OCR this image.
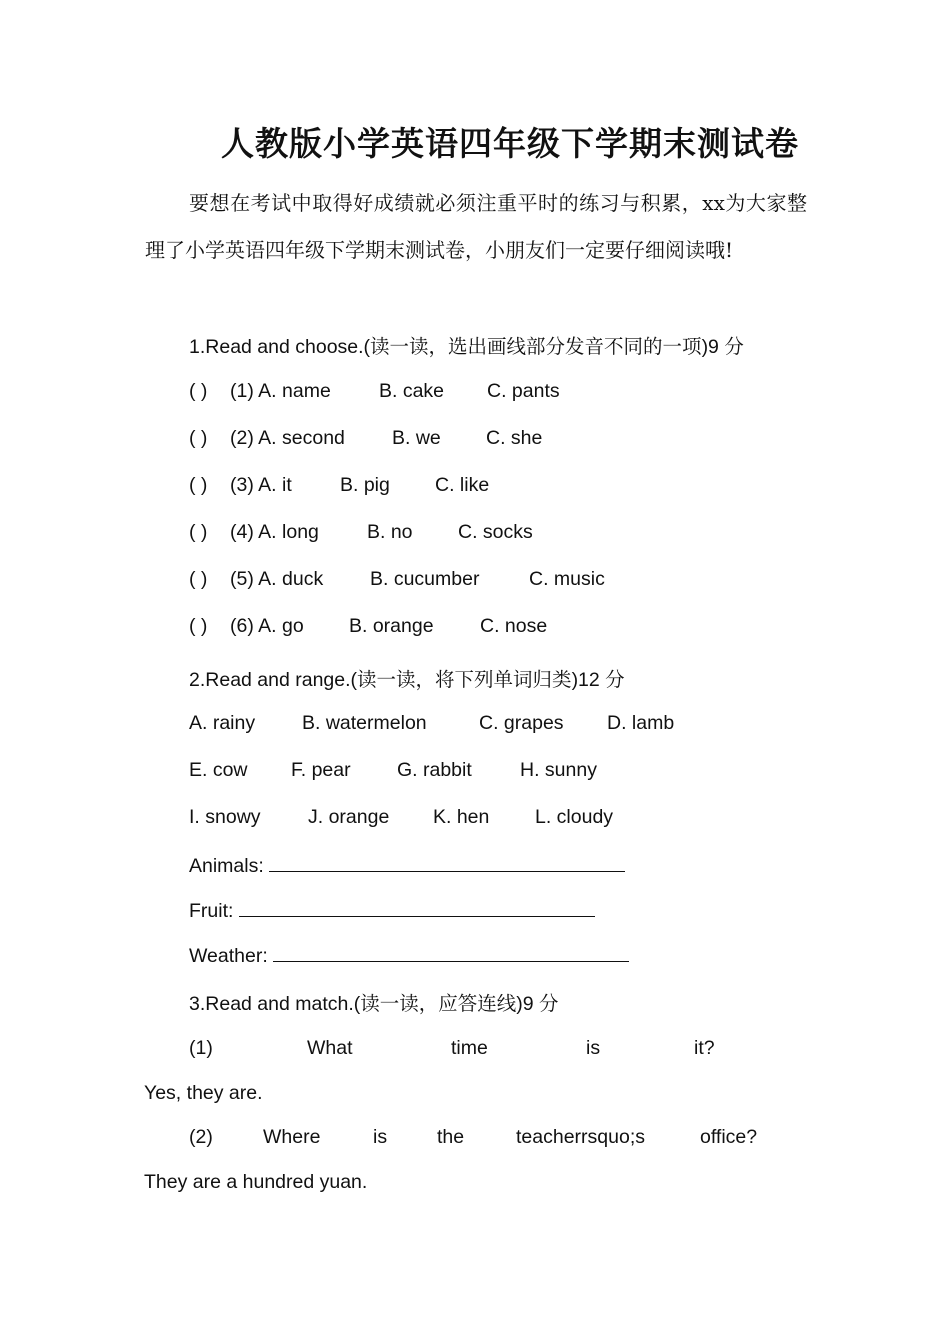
人教版小学英语四年级下学期末测试卷
要想在考试中取得好成绩就必须注重平时的练习与积累，xx为大家整理了小学英语四年级下学期末测试卷，小朋友们一定要仔细阅读哦!
1.Read and choose.(读一读，选出画线部分发音不同的一项)9 分
( ) (1) A. name B. cake C. pants
( ) (2) A. second B. we C. she
( ) (3) A. it B. pig C. like
( ) (4) A. long B. no C. socks
( ) (5) A. duck B. cucumber	C. music
( ) (6) A. go B. orange C. nose
2.Read and range.(读一读，将下列单词归类)12 分
A. rainy B. watermelon	C. grapes D. lamb
E. cow F. pear G. rabbit H. sunny
I. snowy J. orange K. hen L. cloudy
Animals:
Fruit:
Weather:
3.Read and match.(读一读，应答连线)9 分
(1)	What	time	is	it?
Yes, they are.
(2)	Where	is	the	teacherrsquo;s	office?
They are a hundred yuan.
